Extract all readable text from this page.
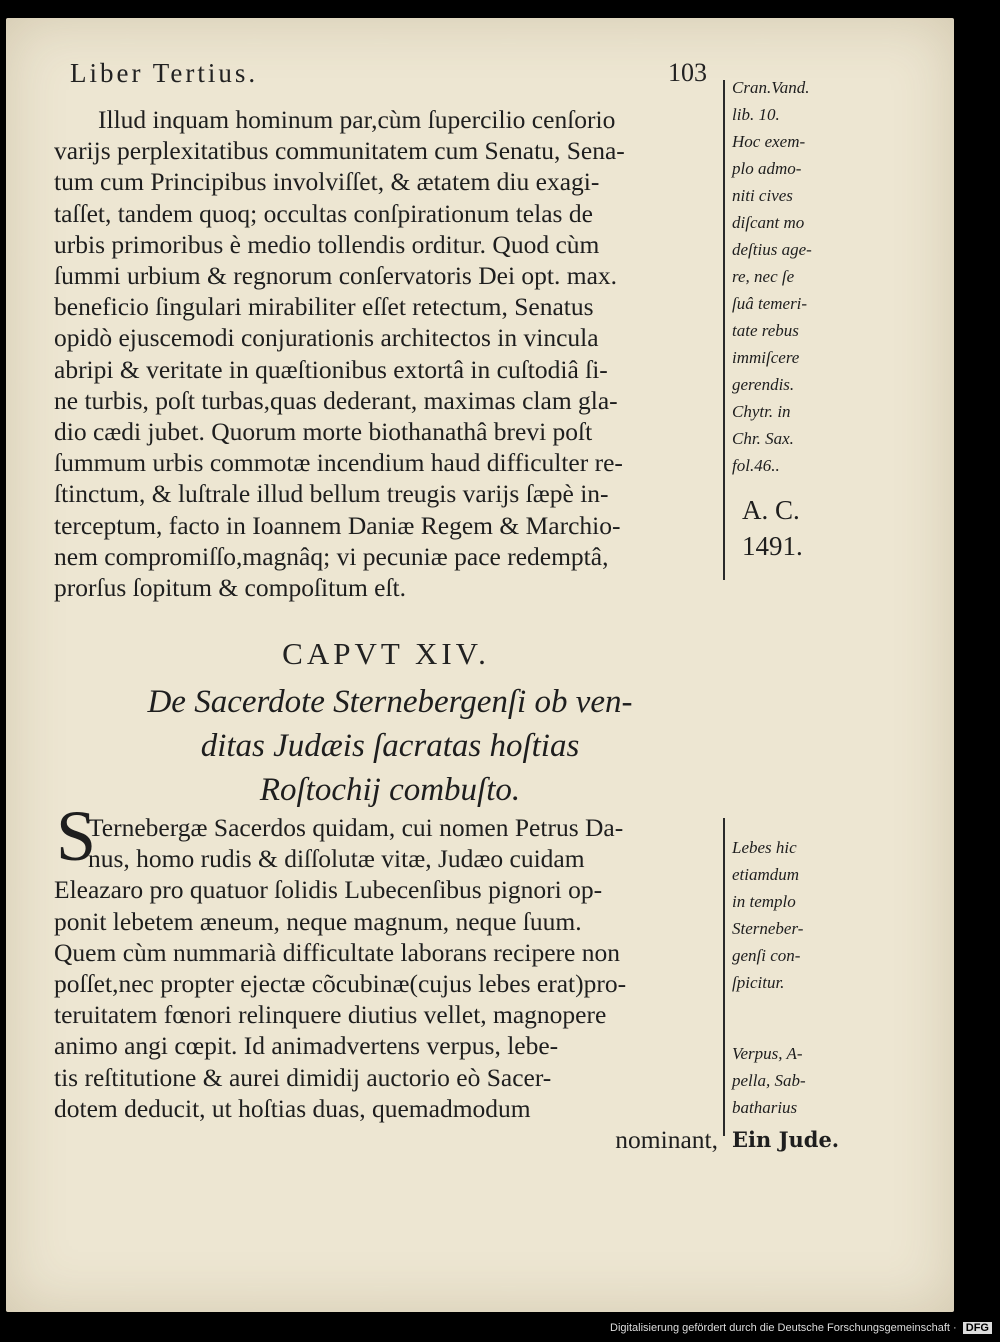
Liber Tertius.	103
Illud inquam hominum par,cùm ſupercilio cenſorio
varijs perplexitatibus communitatem cum Senatu, Sena-
tum cum Principibus involviſſet, & ætatem diu exagi-
taſſet, tandem quoq; occultas conſpirationum telas de
urbis primoribus è medio tollendis orditur. Quod cùm
ſummi urbium & regnorum conſervatoris Dei opt. max.
beneficio ſingulari mirabiliter eſſet retectum, Senatus
opidò ejuscemodi conjurationis architectos in vincula
abripi & veritate in quæſtionibus extortâ in cuſtodiâ ſi-
ne turbis, poſt turbas,quas dederant, maximas clam gla-
dio cædi jubet. Quorum morte biothanathâ brevi poſt
ſummum urbis commotæ incendium haud difficulter re-
ſtinctum, & luſtrale illud bellum treugis varijs ſæpè in-
terceptum, facto in Ioannem Daniæ Regem & Marchio-
nem compromiſſo,magnâq; vi pecuniæ pace redemptâ,
prorſus ſopitum & compoſitum eſt.
CAPVT XIV.
De Sacerdote Sternebergenſi ob ven-
ditas Judæis ſacratas hoſtias
Roſtochij combuſto.
S
Ternebergæ Sacerdos quidam, cui nomen Petrus Da-
nus, homo rudis & diſſolutæ vitæ, Judæo cuidam
Eleazaro pro quatuor ſolidis Lubecenſibus pignori op-
ponit lebetem æneum, neque magnum, neque ſuum.
Quem cùm nummarià difficultate laborans recipere non
poſſet,nec propter ejectæ cõcubinæ(cujus lebes erat)pro-
teruitatem fœnori relinquere diutius vellet, magnopere
animo angi cœpit. Id animadvertens verpus, lebe-
tis reſtitutione & aurei dimidij auctorio eò Sacer-
dotem deducit, ut hoſtias duas, quemadmodum
nominant,
Cran.Vand.
lib. 10.
Hoc exem-
plo admo-
niti cives
diſcant mo
deſtius age-
re, nec ſe
ſuâ temeri-
tate rebus
immiſcere
gerendis.
Chytr. in
Chr. Sax.
fol.46..
A. C.
1491.
Lebes hic
etiamdum
in templo
Sterneber-
genſi con-
ſpicitur.
Verpus, A-
pella, Sab-
batharius
Ein Jude.
Digitalisierung gefördert durch die Deutsche Forschungsgemeinschaft · DFG
